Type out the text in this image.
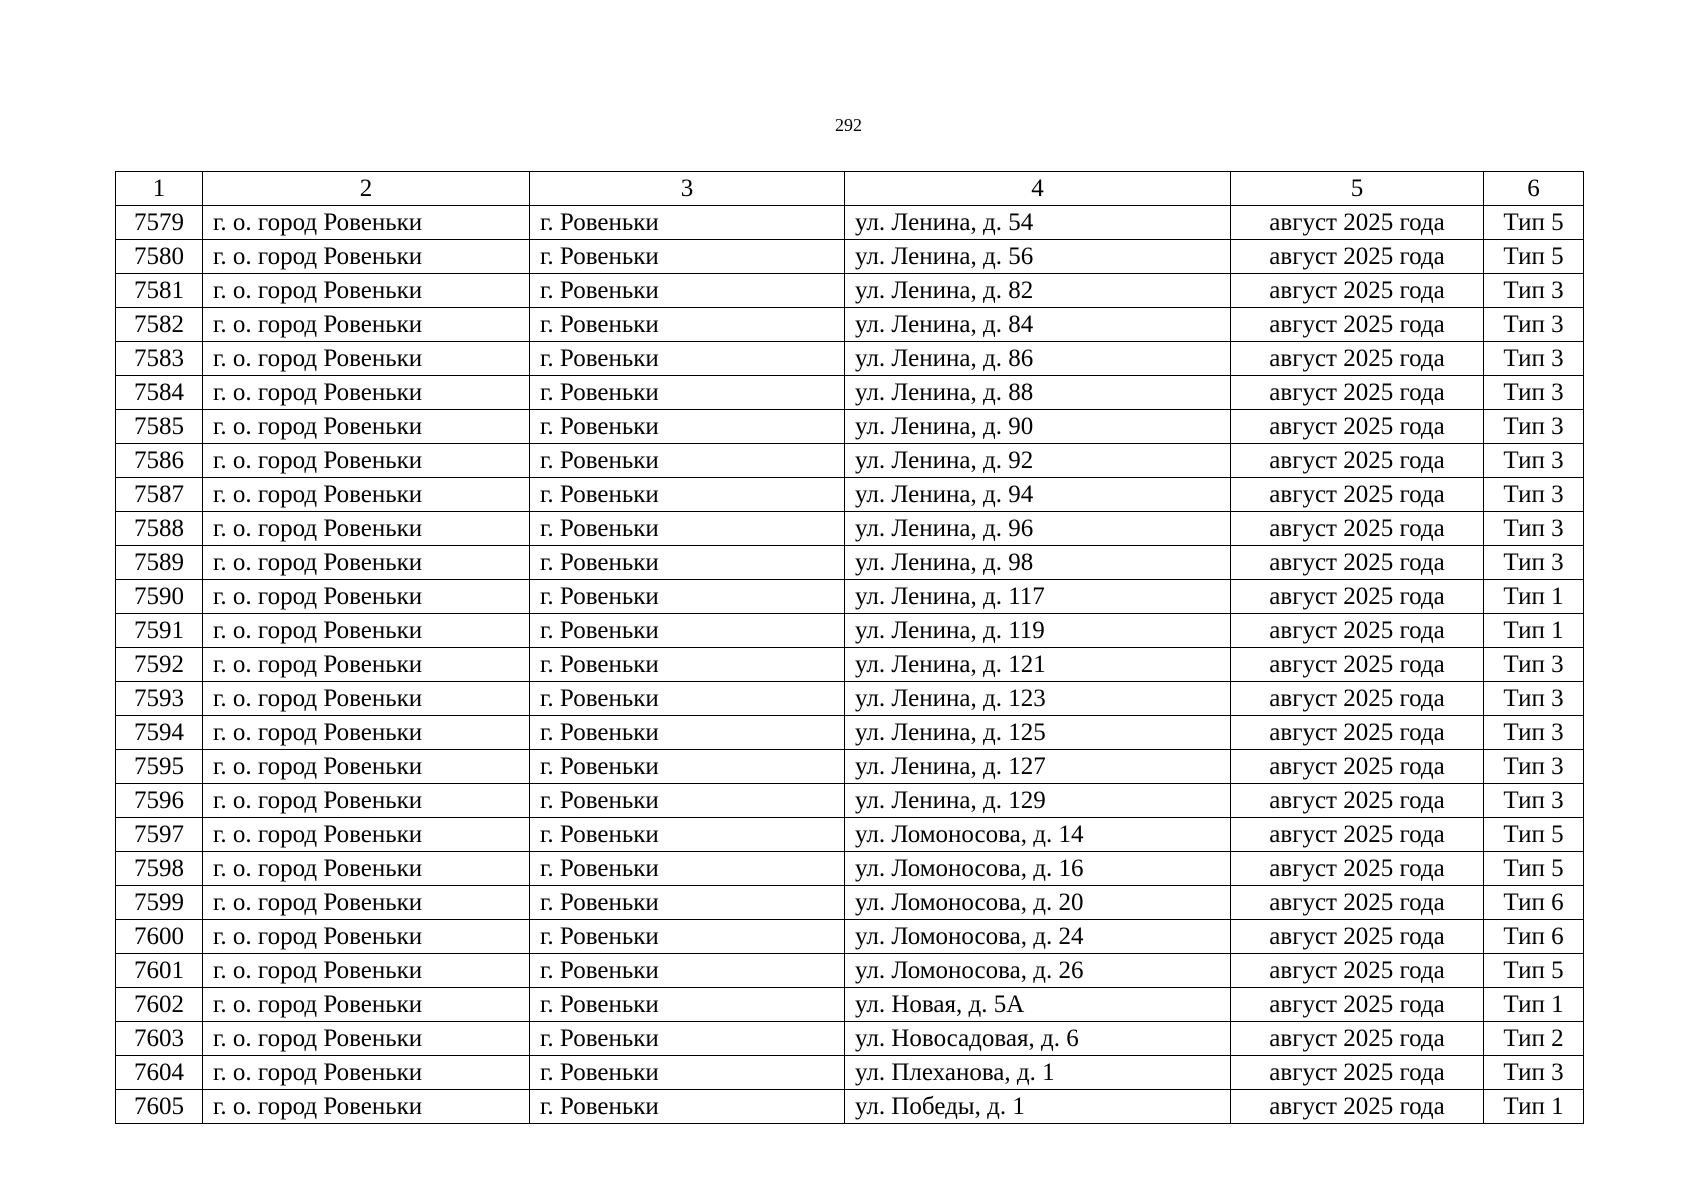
292
1	2	3	4	5	6
7579	г. о. город Ровеньки	г. Ровеньки	ул. Ленина, д. 54	август 2025 года	Тип 5
7580	г. о. город Ровеньки	г. Ровеньки	ул. Ленина, д. 56	август 2025 года	Тип 5
7581	г. о. город Ровеньки	г. Ровеньки	ул. Ленина, д. 82	август 2025 года	Тип 3
7582	г. о. город Ровеньки	г. Ровеньки	ул. Ленина, д. 84	август 2025 года	Тип 3
7583	г. о. город Ровеньки	г. Ровеньки	ул. Ленина, д. 86	август 2025 года	Тип 3
7584	г. о. город Ровеньки	г. Ровеньки	ул. Ленина, д. 88	август 2025 года	Тип 3
7585	г. о. город Ровеньки	г. Ровеньки	ул. Ленина, д. 90	август 2025 года	Тип 3
7586	г. о. город Ровеньки	г. Ровеньки	ул. Ленина, д. 92	август 2025 года	Тип 3
7587	г. о. город Ровеньки	г. Ровеньки	ул. Ленина, д. 94	август 2025 года	Тип 3
7588	г. о. город Ровеньки	г. Ровеньки	ул. Ленина, д. 96	август 2025 года	Тип 3
7589	г. о. город Ровеньки	г. Ровеньки	ул. Ленина, д. 98	август 2025 года	Тип 3
7590	г. о. город Ровеньки	г. Ровеньки	ул. Ленина, д. 117	август 2025 года	Тип 1
7591	г. о. город Ровеньки	г. Ровеньки	ул. Ленина, д. 119	август 2025 года	Тип 1
7592	г. о. город Ровеньки	г. Ровеньки	ул. Ленина, д. 121	август 2025 года	Тип 3
7593	г. о. город Ровеньки	г. Ровеньки	ул. Ленина, д. 123	август 2025 года	Тип 3
7594	г. о. город Ровеньки	г. Ровеньки	ул. Ленина, д. 125	август 2025 года	Тип 3
7595	г. о. город Ровеньки	г. Ровеньки	ул. Ленина, д. 127	август 2025 года	Тип 3
7596	г. о. город Ровеньки	г. Ровеньки	ул. Ленина, д. 129	август 2025 года	Тип 3
7597	г. о. город Ровеньки	г. Ровеньки	ул. Ломоносова, д. 14	август 2025 года	Тип 5
7598	г. о. город Ровеньки	г. Ровеньки	ул. Ломоносова, д. 16	август 2025 года	Тип 5
7599	г. о. город Ровеньки	г. Ровеньки	ул. Ломоносова, д. 20	август 2025 года	Тип 6
7600	г. о. город Ровеньки	г. Ровеньки	ул. Ломоносова, д. 24	август 2025 года	Тип 6
7601	г. о. город Ровеньки	г. Ровеньки	ул. Ломоносова, д. 26	август 2025 года	Тип 5
7602	г. о. город Ровеньки	г. Ровеньки	ул. Новая, д. 5А	август 2025 года	Тип 1
7603	г. о. город Ровеньки	г. Ровеньки	ул. Новосадовая, д. 6	август 2025 года	Тип 2
7604	г. о. город Ровеньки	г. Ровеньки	ул. Плеханова, д. 1	август 2025 года	Тип 3
7605	г. о. город Ровеньки	г. Ровеньки	ул. Победы, д. 1	август 2025 года	Тип 1
